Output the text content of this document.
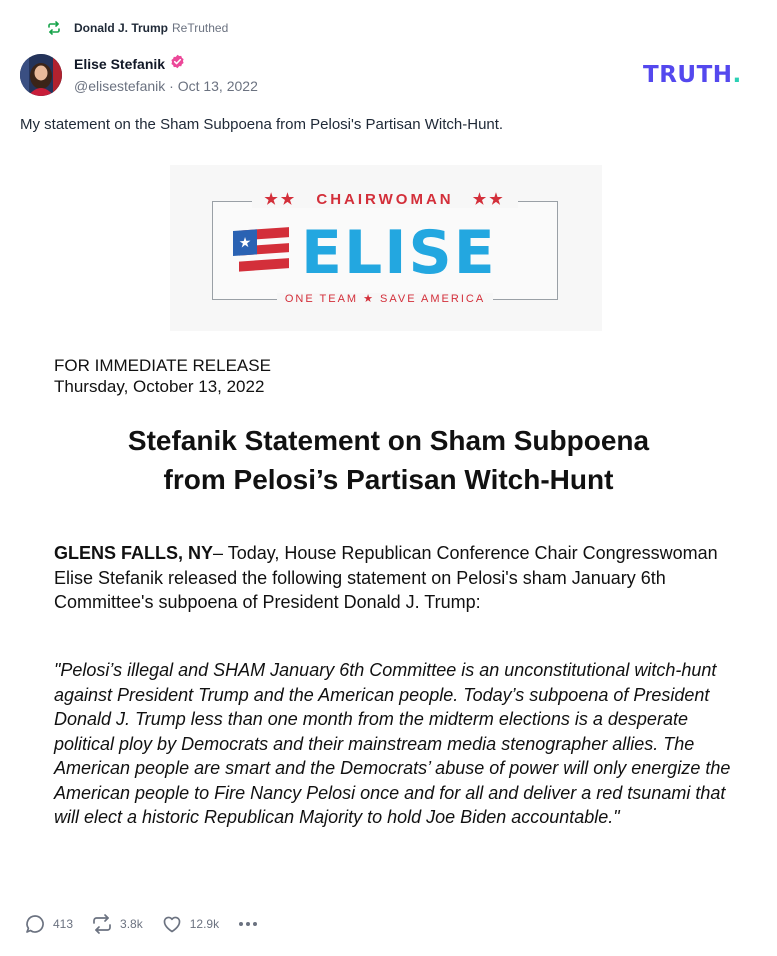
Donald J. Trump ReTruthed
Elise Stefanik
@elisestefanik · Oct 13, 2022	TRUTH.
My statement on the Sham Subpoena from Pelosi's Partisan Witch-Hunt.
★★ CHAIRWOMAN ★★
★ ELISE
ONE TEAM ★ SAVE AMERICA
FOR IMMEDIATE RELEASE
Thursday, October 13, 2022
Stefanik Statement on Sham Subpoena
from Pelosi’s Partisan Witch-Hunt
GLENS FALLS, NY– Today, House Republican Conference Chair Congresswoman Elise Stefanik released the following statement on Pelosi's sham January 6th Committee's subpoena of President Donald J. Trump:
"Pelosi’s illegal and SHAM January 6th Committee is an unconstitutional witch-hunt against President Trump and the American people. Today’s subpoena of President Donald J. Trump less than one month from the midterm elections is a desperate political ploy by Democrats and their mainstream media stenographer allies. The American people are smart and the Democrats’ abuse of power will only energize the American people to Fire Nancy Pelosi once and for all and deliver a red tsunami that will elect a historic Republican Majority to hold Joe Biden accountable."
413	3.8k	12.9k
